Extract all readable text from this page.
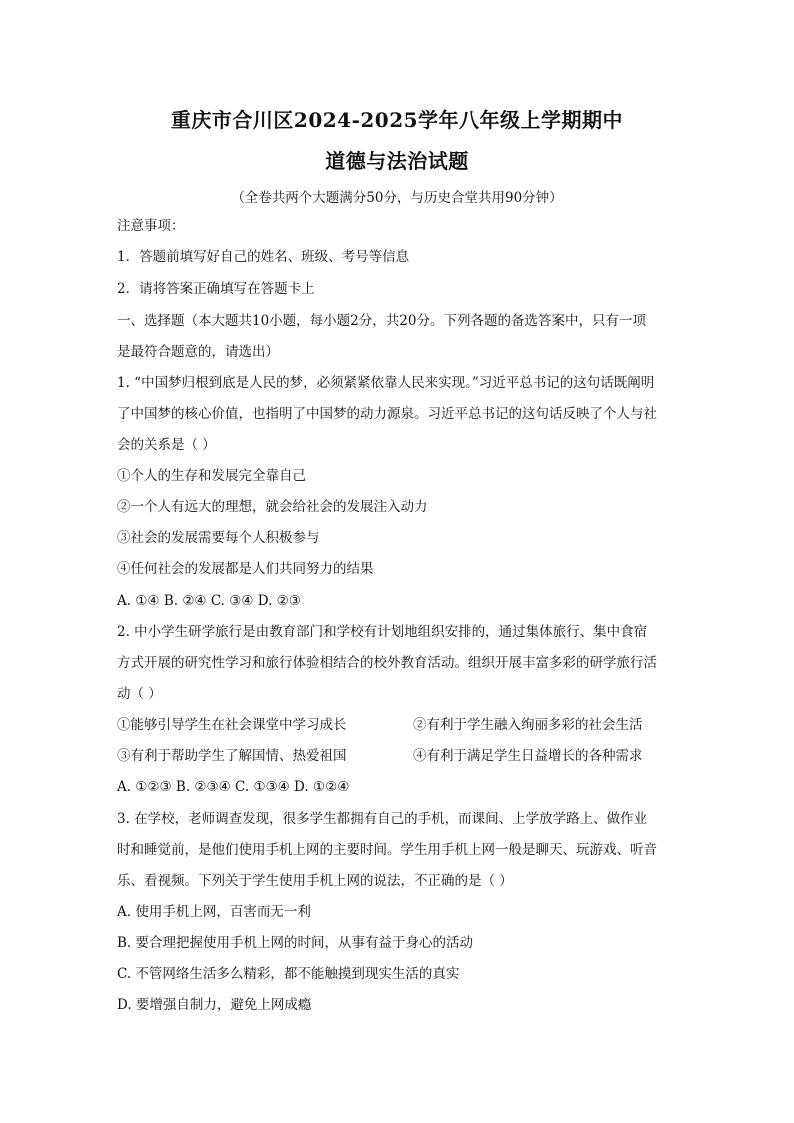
重庆市合川区2024-2025学年八年级上学期期中
道德与法治试题
（全卷共两个大题满分50分，与历史合堂共用90分钟）
注意事项：
1．答题前填写好自己的姓名、班级、考号等信息
2．请将答案正确填写在答题卡上
一、选择题（本大题共10小题，每小题2分，共20分。下列各题的备选答案中，只有一项
是最符合题意的，请选出）
1. “中国梦归根到底是人民的梦，必须紧紧依靠人民来实现。”习近平总书记的这句话既阐明
了中国梦的核心价值，也指明了中国梦的动力源泉。习近平总书记的这句话反映了个人与社
会的关系是（ ）
①个人的生存和发展完全靠自己
②一个人有远大的理想，就会给社会的发展注入动力
③社会的发展需要每个人积极参与
④任何社会的发展都是人们共同努力的结果
A. ①④ B. ②④ C. ③④ D. ②③
2. 中小学生研学旅行是由教育部门和学校有计划地组织安排的，通过集体旅行、集中食宿
方式开展的研究性学习和旅行体验相结合的校外教育活动。组织开展丰富多彩的研学旅行活
动（ ）
①能够引导学生在社会课堂中学习成长	②有利于学生融入绚丽多彩的社会生活
③有利于帮助学生了解国情、热爱祖国	④有利于满足学生日益增长的各种需求
A. ①②③ B. ②③④ C. ①③④ D. ①②④
3. 在学校，老师调查发现，很多学生都拥有自己的手机，而课间、上学放学路上、做作业
时和睡觉前，是他们使用手机上网的主要时间。学生用手机上网一般是聊天、玩游戏、听音
乐、看视频。下列关于学生使用手机上网的说法，不正确的是（ ）
A. 使用手机上网，百害而无一利
B. 要合理把握使用手机上网的时间，从事有益于身心的活动
C. 不管网络生活多么精彩，都不能触摸到现实生活的真实
D. 要增强自制力，避免上网成瘾
